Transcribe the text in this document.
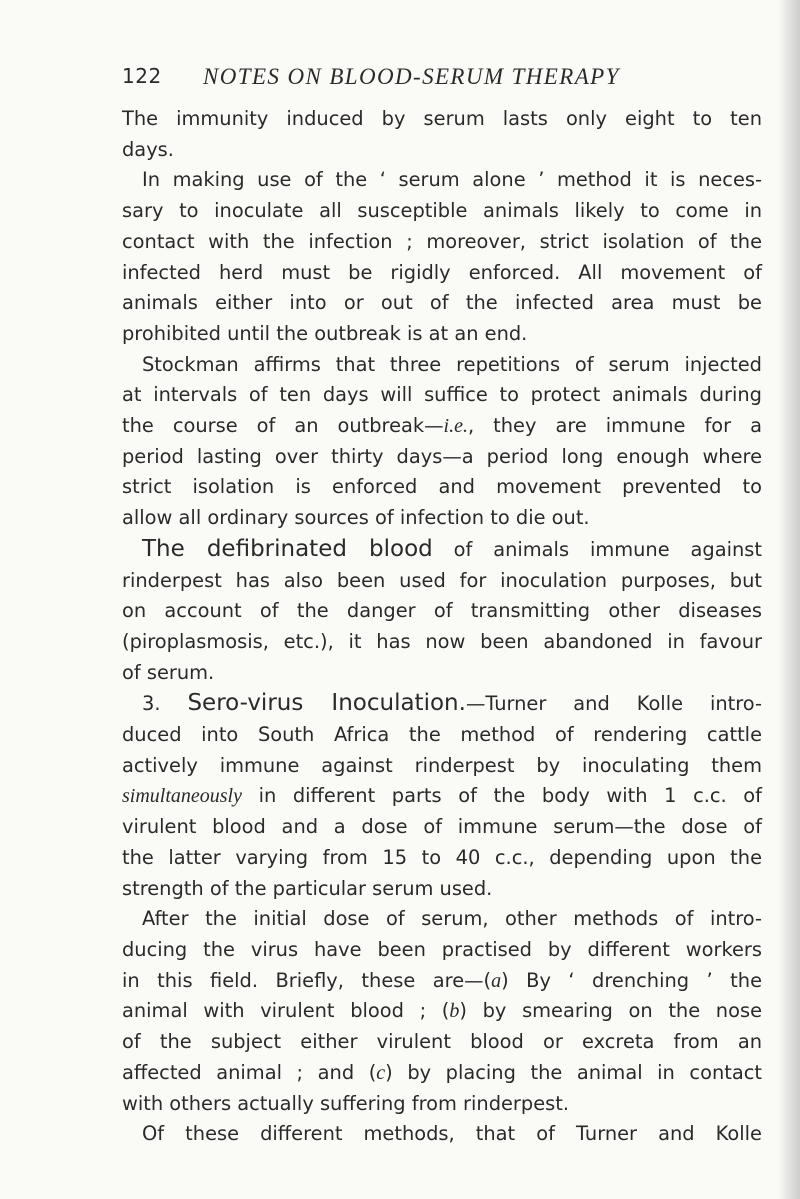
122 NOTES ON BLOOD-SERUM THERAPY
The immunity induced by serum lasts only eight to ten
days.
In making use of the ‘ serum alone ’ method it is neces-
sary to inoculate all susceptible animals likely to come in
contact with the infection ; moreover, strict isolation of the
infected herd must be rigidly enforced. All movement of
animals either into or out of the infected area must be
prohibited until the outbreak is at an end.
Stockman affirms that three repetitions of serum injected
at intervals of ten days will suffice to protect animals during
the course of an outbreak—i.e., they are immune for a
period lasting over thirty days—a period long enough where
strict isolation is enforced and movement prevented to
allow all ordinary sources of infection to die out.
The defibrinated blood of animals immune against
rinderpest has also been used for inoculation purposes, but
on account of the danger of transmitting other diseases
(piroplasmosis, etc.), it has now been abandoned in favour
of serum.
3. Sero-virus Inoculation.—Turner and Kolle intro-
duced into South Africa the method of rendering cattle
actively immune against rinderpest by inoculating them
simultaneously in different parts of the body with 1 c.c. of
virulent blood and a dose of immune serum—the dose of
the latter varying from 15 to 40 c.c., depending upon the
strength of the particular serum used.
After the initial dose of serum, other methods of intro-
ducing the virus have been practised by different workers
in this field. Briefly, these are—(a) By ‘ drenching ’ the
animal with virulent blood ; (b) by smearing on the nose
of the subject either virulent blood or excreta from an
affected animal ; and (c) by placing the animal in contact
with others actually suffering from rinderpest.
Of these different methods, that of Turner and Kolle
